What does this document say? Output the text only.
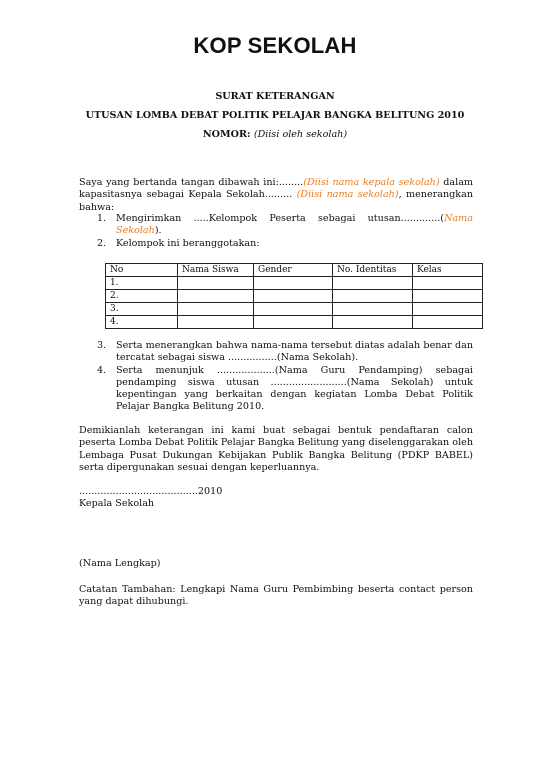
KOP SEKOLAH
SURAT KETERANGAN
UTUSAN LOMBA DEBAT POLITIK PELAJAR BANGKA BELITUNG 2010
NOMOR: (Diisi oleh sekolah)
Saya yang bertanda tangan dibawah ini:........(Diisi nama kepala sekolah) dalam kapasitasnya sebagai Kepala Sekolah......... (Diisi nama sekolah), menerangkan bahwa:
1. Mengirimkan .....Kelompok Peserta sebagai utusan.............(Nama Sekolah).
2. Kelompok ini beranggotakan:
No	Nama Siswa	Gender	No. Identitas	Kelas
1.				
2.				
3.				
4.				
3. Serta menerangkan bahwa nama-nama tersebut diatas adalah benar dan tercatat sebagai siswa ................(Nama Sekolah).
4. Serta menunjuk ...................(Nama Guru Pendamping) sebagai pendamping siswa utusan .........................(Nama Sekolah) untuk kepentingan yang berkaitan dengan kegiatan Lomba Debat Politik Pelajar Bangka Belitung 2010.
Demikianlah keterangan ini kami buat sebagai bentuk pendaftaran calon peserta Lomba Debat Politik Pelajar Bangka Belitung yang diselenggarakan oleh Lembaga Pusat Dukungan Kebijakan Publik Bangka Belitung (PDKP BABEL) serta dipergunakan sesuai dengan keperluannya.
.......................................2010
Kepala Sekolah
(Nama Lengkap)
Catatan Tambahan: Lengkapi Nama Guru Pembimbing beserta contact person yang dapat dihubungi.
